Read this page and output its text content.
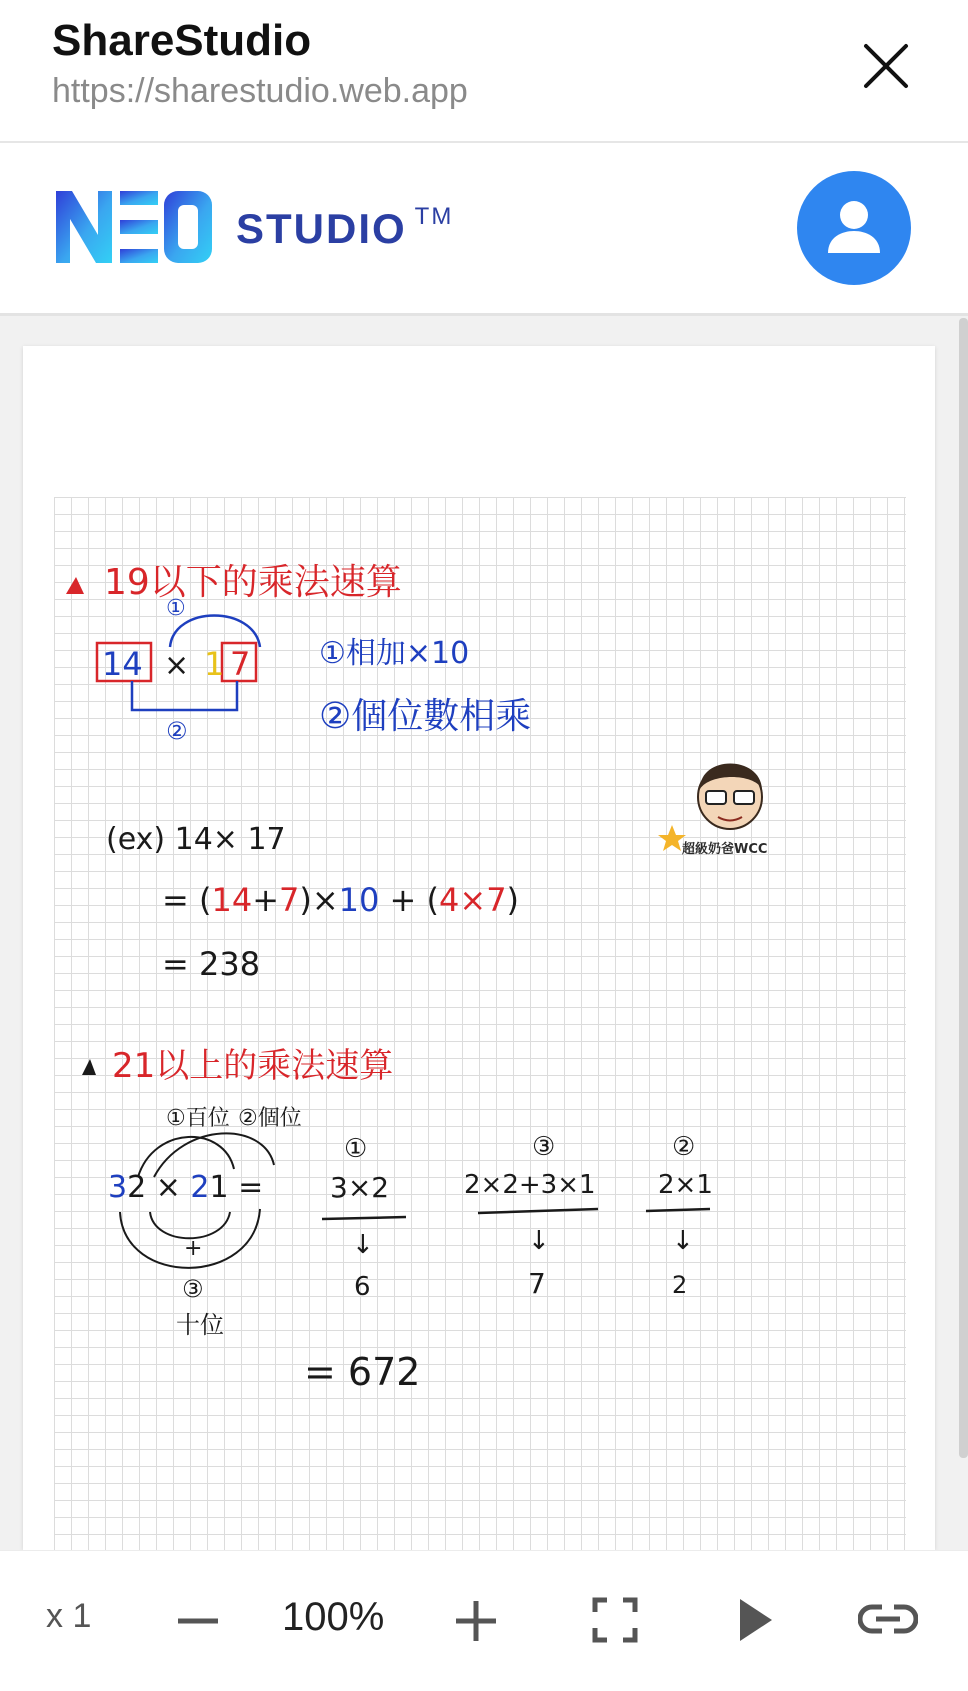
ShareStudio
https://sharestudio.web.app
STUDIO ™
19以下的乘法速算
①
14 × 1 7
②
①相加×10
②個位數相乘
(ex) 14× 17
= (14+7)×10 + (4×7)
= 238
超級奶爸WCC
21以上的乘法速算
①百位 ②個位
32 × 21 =
+
③
十位
①
3×2
↓
6
③
2×2+3×1
↓
7
②
2×1
↓
2
= 672
x 1	100%
